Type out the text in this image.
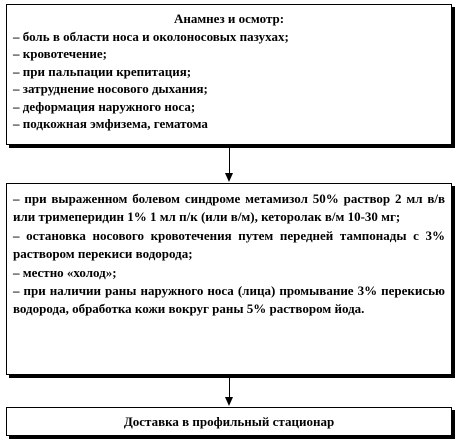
Анамнез и осмотр:
– боль в области носа и околоносовых пазухах;
– кровотечение;
– при пальпации крепитация;
– затруднение носового дыхания;
– деформация наружного носа;
– подкожная эмфизема, гематома
– при выраженном болевом синдроме метамизол 50% раствор 2 мл в/в или тримеперидин 1% 1 мл п/к (или в/м), кеторолак в/м 10-30 мг;
– остановка носового кровотечения путем передней тампонады с 3% раствором перекиси водорода;
– местно «холод»;
– при наличии раны наружного носа (лица) промывание 3% перекисью водорода, обработка кожи вокруг раны 5% раствором йода.
Доставка в профильный стационар
